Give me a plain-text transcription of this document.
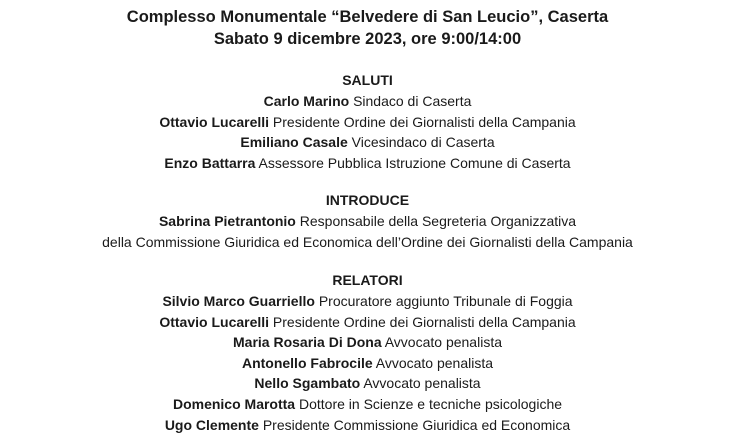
Complesso Monumentale “Belvedere di San Leucio”, Caserta
Sabato 9 dicembre 2023, ore 9:00/14:00
SALUTI
Carlo Marino Sindaco di Caserta
Ottavio Lucarelli Presidente Ordine dei Giornalisti della Campania
Emiliano Casale Vicesindaco di Caserta
Enzo Battarra Assessore Pubblica Istruzione Comune di Caserta
INTRODUCE
Sabrina Pietrantonio Responsabile della Segreteria Organizzativa
della Commissione Giuridica ed Economica dell’Ordine dei Giornalisti della Campania
RELATORI
Silvio Marco Guarriello Procuratore aggiunto Tribunale di Foggia
Ottavio Lucarelli Presidente Ordine dei Giornalisti della Campania
Maria Rosaria Di Dona Avvocato penalista
Antonello Fabrocile Avvocato penalista
Nello Sgambato Avvocato penalista
Domenico Marotta Dottore in Scienze e tecniche psicologiche
Ugo Clemente Presidente Commissione Giuridica ed Economica
